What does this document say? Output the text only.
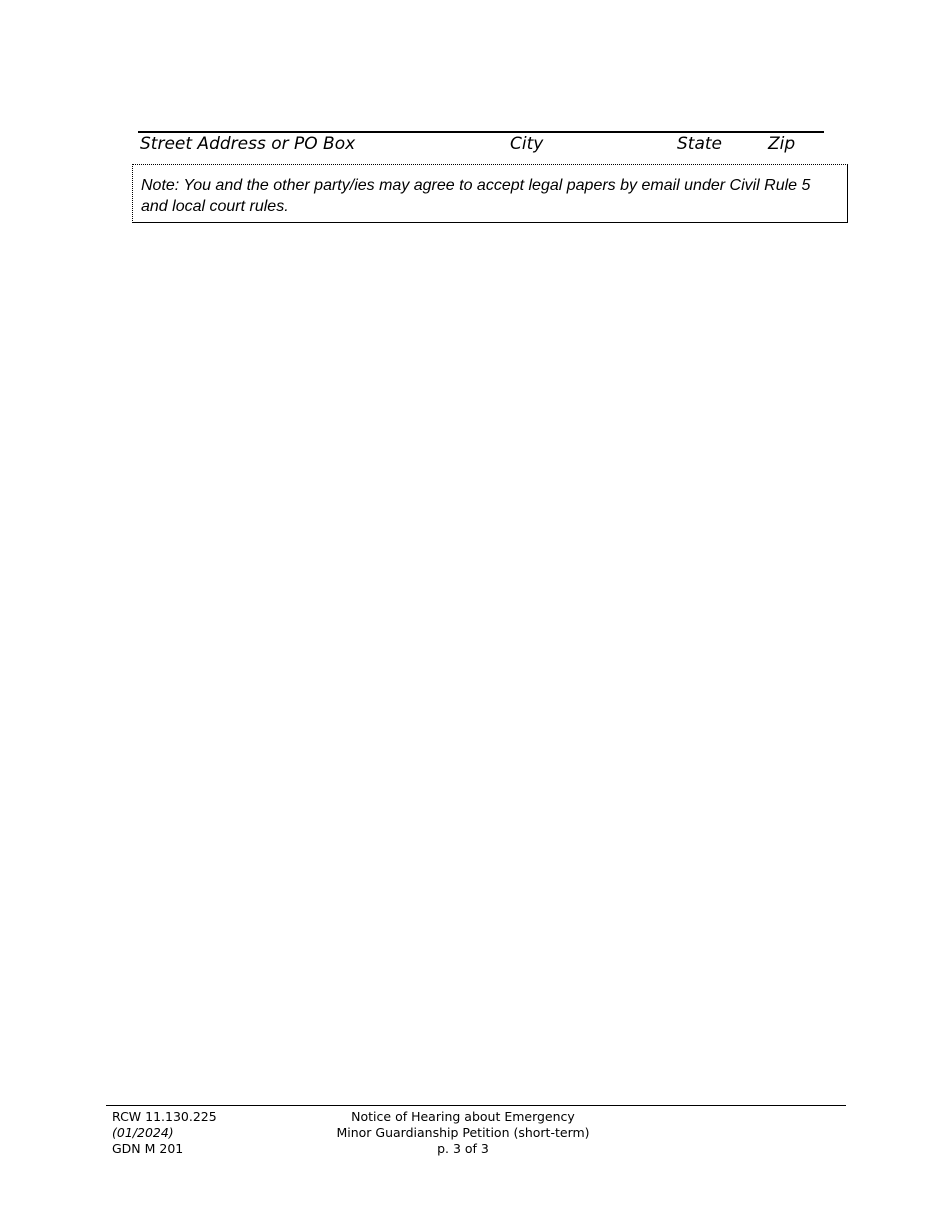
Street Address or PO Box	City	State	Zip

Note: You and the other party/ies may agree to accept legal papers by email under Civil Rule 5 and local court rules.

RCW 11.130.225
(01/2024)
GDN M 201
Notice of Hearing about Emergency
Minor Guardianship Petition (short-term)
p. 3 of 3
